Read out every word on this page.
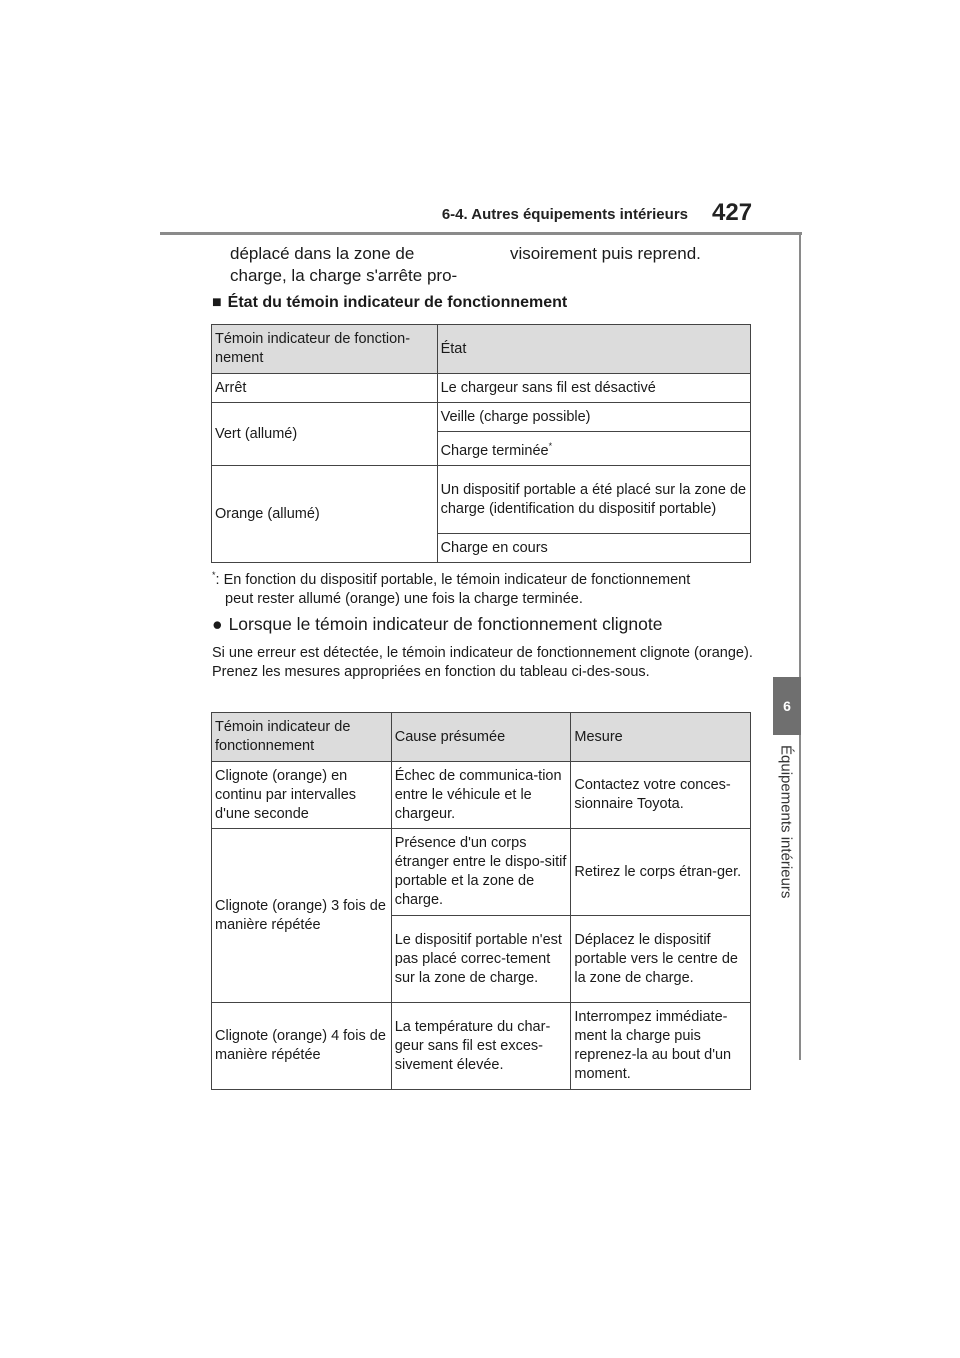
6-4. Autres équipements intérieurs 427
6
Équipements intérieurs
déplacé dans la zone de
charge, la charge s'arrête pro-
visoirement puis reprend.
■ État du témoin indicateur de fonctionnement
Témoin indicateur de fonction-
nement	État
Arrêt	Le chargeur sans fil est désactivé
Vert (allumé)	Veille (charge possible)
	Charge terminée*
Orange (allumé)	Un dispositif portable a été placé sur la zone de charge (identification du dispositif portable)
	Charge en cours

*: En fonction du dispositif portable, le témoin indicateur de fonctionnement

peut rester allumé (orange) une fois la charge terminée.

● Lorsque le témoin indicateur de fonctionnement clignote
Si une erreur est détectée, le témoin indicateur de fonctionnement clignote (orange). Prenez les mesures appropriées en fonction du tableau ci-des-sous.
Témoin indicateur de fonctionnement	Cause présumée	Mesure
Clignote (orange) en continu par intervalles d'une seconde	Échec de communica-tion entre le véhicule et le chargeur.	Contactez votre conces-sionnaire Toyota.
Clignote (orange) 3 fois de manière répétée	Présence d'un corps étranger entre le dispo-sitif portable et la zone de charge.	Retirez le corps étran-ger.
	Le dispositif portable n'est pas placé correc-tement sur la zone de charge.	Déplacez le dispositif portable vers le centre de la zone de charge.
Clignote (orange) 4 fois de manière répétée	La température du char-geur sans fil est exces-sivement élevée.	Interrompez immédiate-ment la charge puis reprenez-la au bout d'un moment.
